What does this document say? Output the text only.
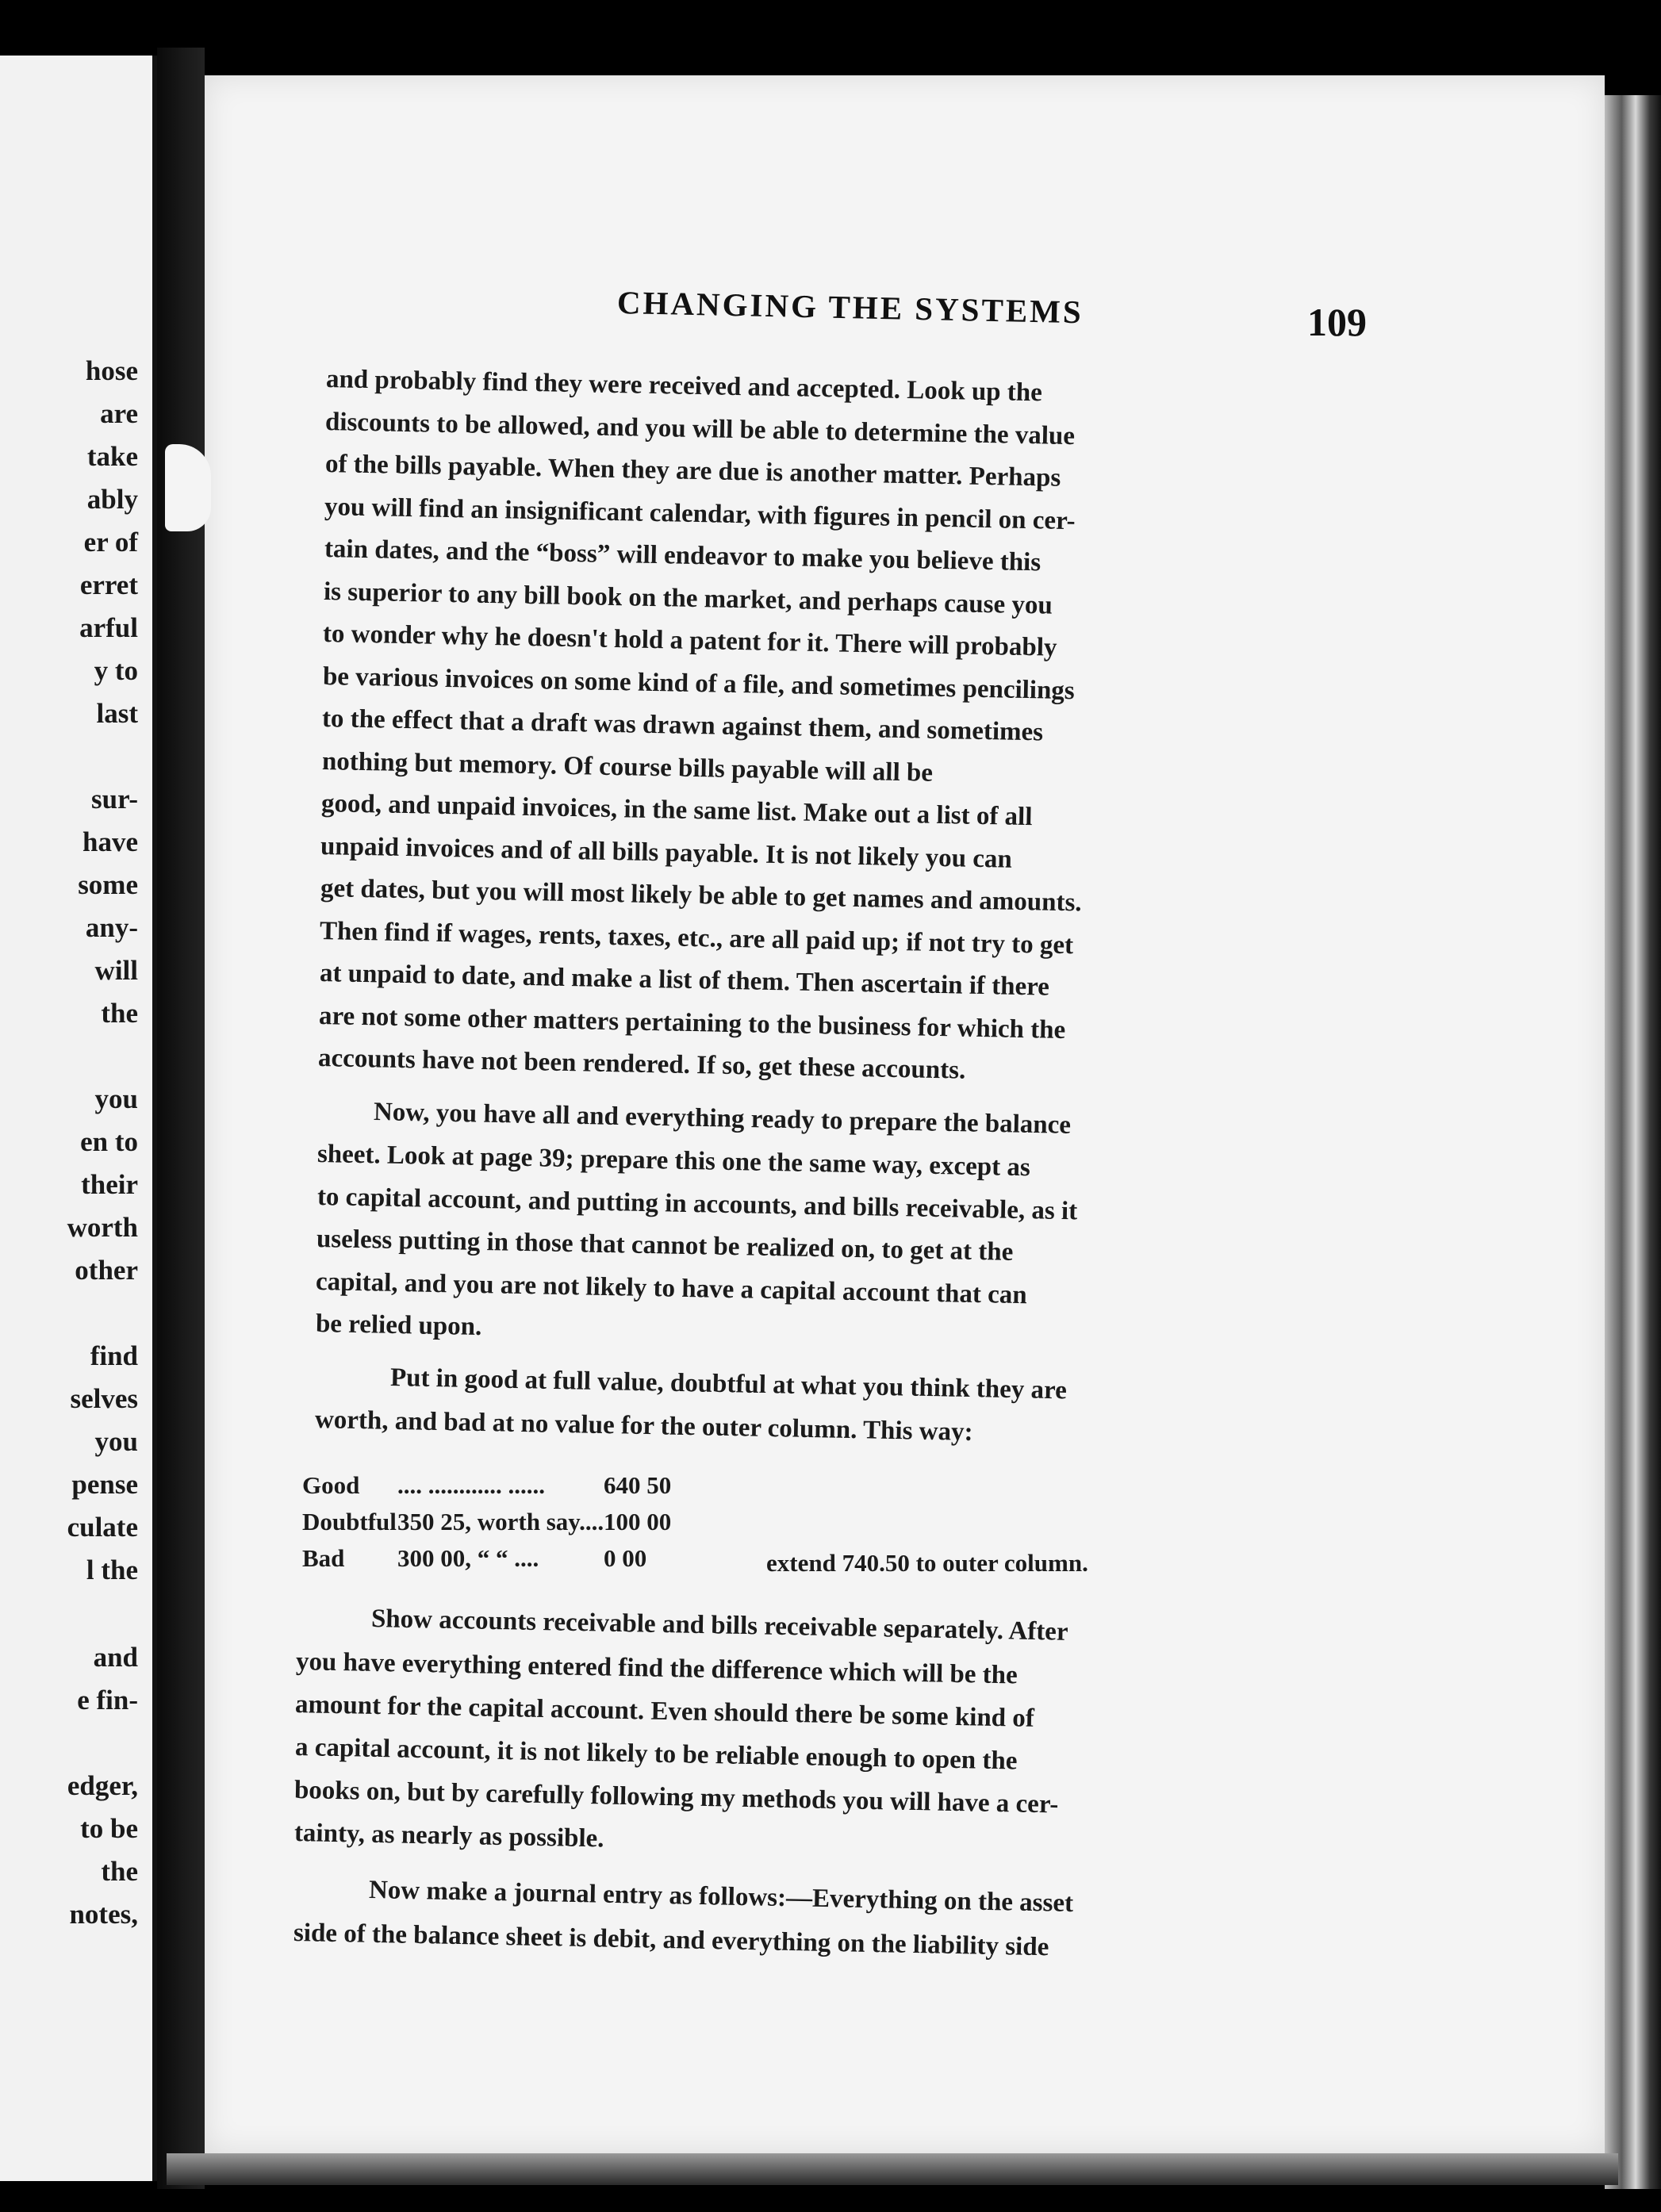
hose
are
take
ably
er of
erret
arful
y to
last
sur-
have
some
any-
will
the
you
en to
their
worth
other
find
selves
you
pense
culate
l the
and
e fin-
edger,
to be
the
notes,
CHANGING THE SYSTEMS	109
and probably find they were received and accepted. Look up the
discounts to be allowed, and you will be able to determine the value
of the bills payable. When they are due is another matter. Perhaps
you will find an insignificant calendar, with figures in pencil on cer-
tain dates, and the “boss” will endeavor to make you believe this
is superior to any bill book on the market, and perhaps cause you
to wonder why he doesn't hold a patent for it. There will probably
be various invoices on some kind of a file, and sometimes pencilings
to the effect that a draft was drawn against them, and sometimes
nothing but memory. Of course bills payable will all be
good, and unpaid invoices, in the same list. Make out a list of all
unpaid invoices and of all bills payable. It is not likely you can
get dates, but you will most likely be able to get names and amounts.
Then find if wages, rents, taxes, etc., are all paid up; if not try to get
at unpaid to date, and make a list of them. Then ascertain if there
are not some other matters pertaining to the business for which the
accounts have not been rendered. If so, get these accounts.
Now, you have all and everything ready to prepare the balance
sheet. Look at page 39; prepare this one the same way, except as
to capital account, and putting in accounts, and bills receivable, as it
useless putting in those that cannot be realized on, to get at the
capital, and you are not likely to have a capital account that can
be relied upon.
Put in good at full value, doubtful at what you think they are
worth, and bad at no value for the outer column. This way:
Good .... ............ ...... 640 50
Doubtful 350 25, worth say.... 100 00
Bad 300 00, “ “ ....	0 00	extend 740.50 to outer column.
Show accounts receivable and bills receivable separately. After
you have everything entered find the difference which will be the
amount for the capital account. Even should there be some kind of
a capital account, it is not likely to be reliable enough to open the
books on, but by carefully following my methods you will have a cer-
tainty, as nearly as possible.
Now make a journal entry as follows:—Everything on the asset
side of the balance sheet is debit, and everything on the liability side
